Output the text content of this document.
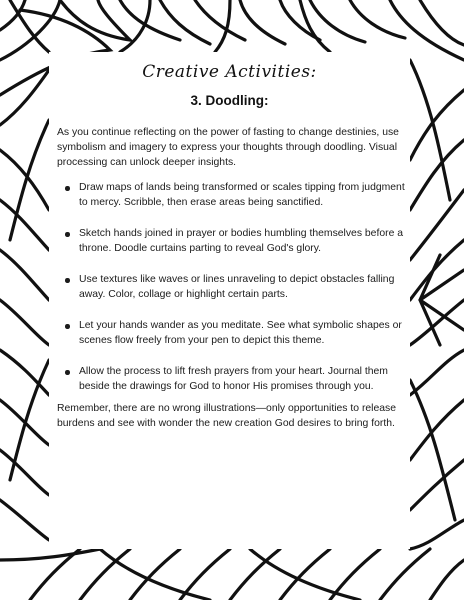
Creative Activities:
3. Doodling:

As you continue reflecting on the power of fasting to change destinies, use symbolism and imagery to express your thoughts through doodling. Visual processing can unlock deeper insights.

Draw maps of lands being transformed or scales tipping from judgment to mercy. Scribble, then erase areas being sanctified.
Sketch hands joined in prayer or bodies humbling themselves before a throne. Doodle curtains parting to reveal God's glory.
Use textures like waves or lines unraveling to depict obstacles falling away. Color, collage or highlight certain parts.
Let your hands wander as you meditate. See what symbolic shapes or scenes flow freely from your pen to depict this theme.
Allow the process to lift fresh prayers from your heart. Journal them beside the drawings for God to honor His promises through you.

Remember, there are no wrong illustrations—only opportunities to release burdens and see with wonder the new creation God desires to bring forth.
